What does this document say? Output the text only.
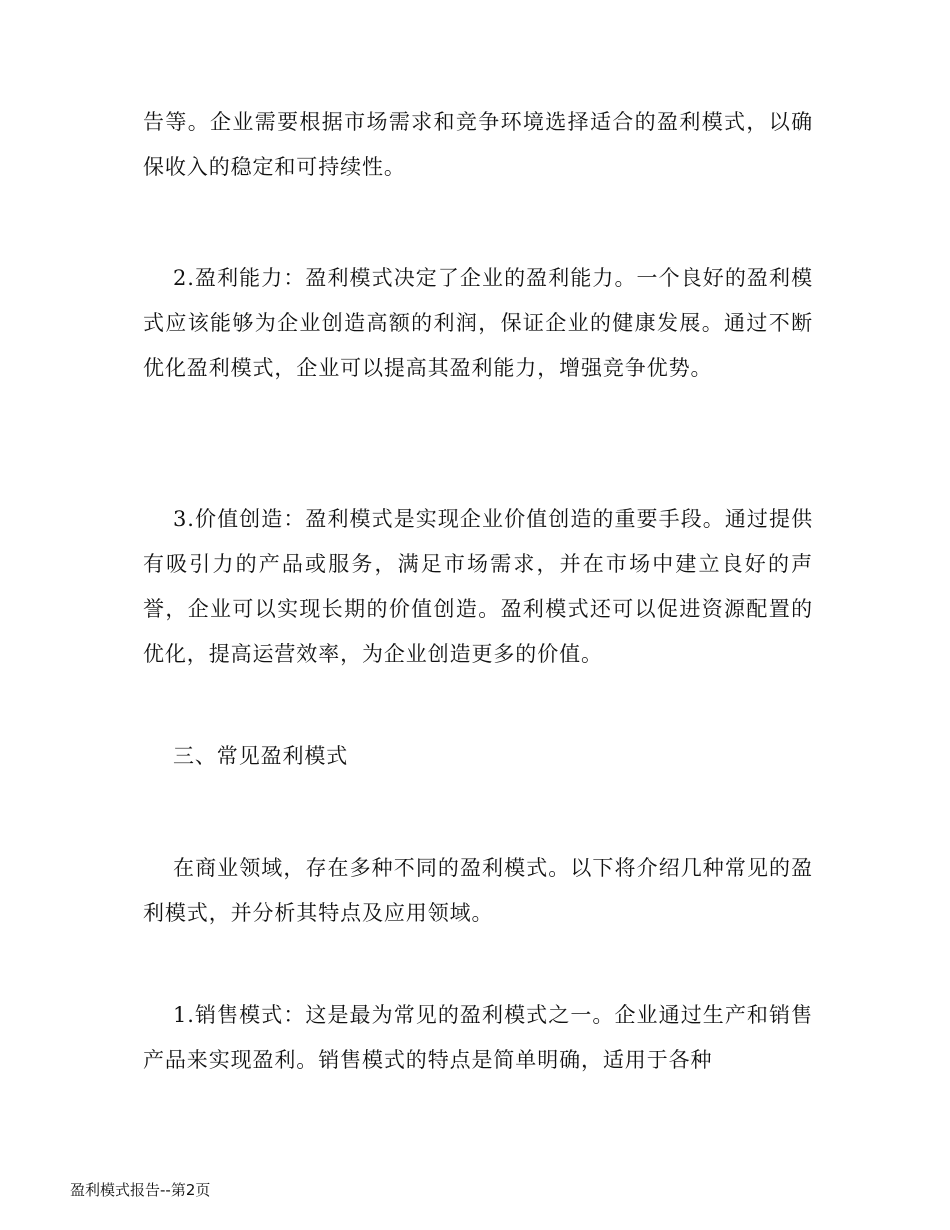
告等。企业需要根据市场需求和竞争环境选择适合的盈利模式，以确保收入的稳定和可持续性。

2.盈利能力：盈利模式决定了企业的盈利能力。一个良好的盈利模式应该能够为企业创造高额的利润，保证企业的健康发展。通过不断优化盈利模式，企业可以提高其盈利能力，增强竞争优势。

3.价值创造：盈利模式是实现企业价值创造的重要手段。通过提供有吸引力的产品或服务，满足市场需求，并在市场中建立良好的声誉，企业可以实现长期的价值创造。盈利模式还可以促进资源配置的优化，提高运营效率，为企业创造更多的价值。

三、常见盈利模式

在商业领域，存在多种不同的盈利模式。以下将介绍几种常见的盈利模式，并分析其特点及应用领域。

1.销售模式：这是最为常见的盈利模式之一。企业通过生产和销售产品来实现盈利。销售模式的特点是简单明确，适用于各种

盈利模式报告--第2页
